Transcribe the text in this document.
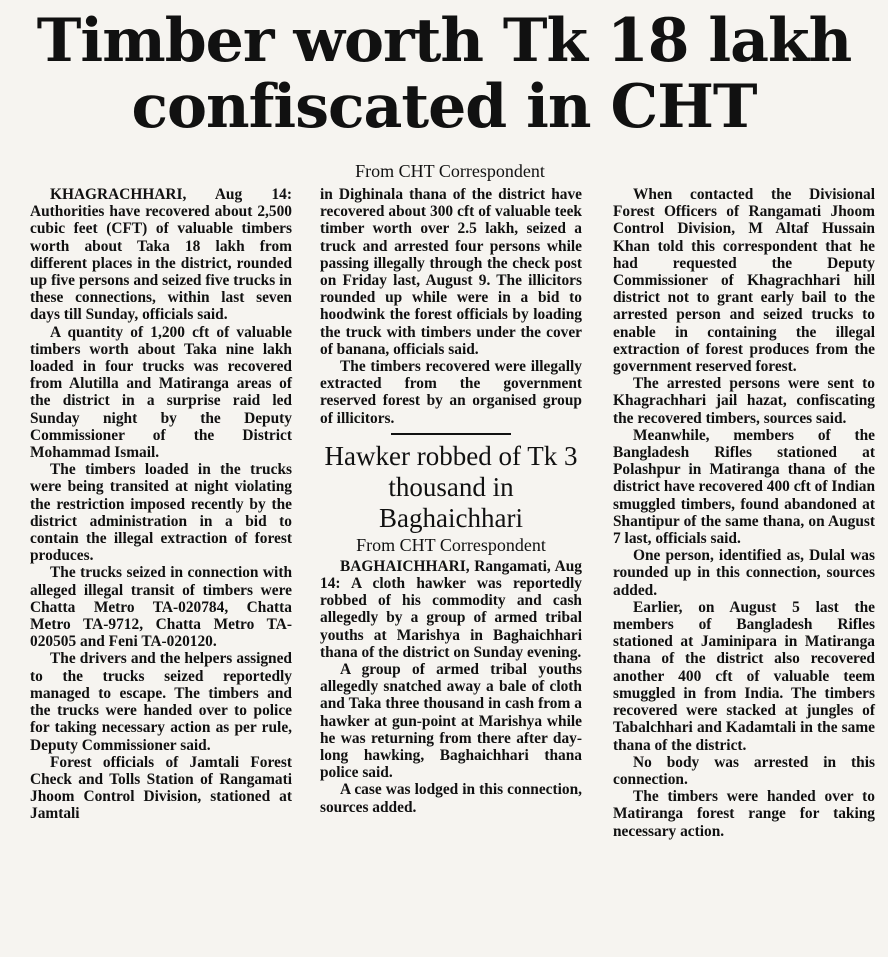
Timber worth Tk 18 lakh confiscated in CHT
From CHT Correspondent

KHAGRACHHARI, Aug 14: Authorities have recovered about 2,500 cubic feet (CFT) of valuable timbers worth about Taka 18 lakh from different places in the district, rounded up five persons and seized five trucks in these connections, within last seven days till Sunday, officials said.

A quantity of 1,200 cft of valuable timbers worth about Taka nine lakh loaded in four trucks was recovered from Alutilla and Matiranga areas of the district in a surprise raid led Sunday night by the Deputy Commissioner of the District Mohammad Ismail.

The timbers loaded in the trucks were being transited at night violating the restriction imposed recently by the district administration in a bid to contain the illegal extraction of forest produces.

The trucks seized in connection with alleged illegal transit of timbers were Chatta Metro TA-020784, Chatta Metro TA-9712, Chatta Metro TA-020505 and Feni TA-020120.

The drivers and the helpers assigned to the trucks seized reportedly managed to escape. The timbers and the trucks were handed over to police for taking necessary action as per rule, Deputy Commissioner said.

Forest officials of Jamtali Forest Check and Tolls Station of Rangamati Jhoom Control Division, stationed at Jamtali

in Dighinala thana of the district have recovered about 300 cft of valuable teek timber worth over 2.5 lakh, seized a truck and arrested four persons while passing illegally through the check post on Friday last, August 9. The illicitors rounded up while were in a bid to hoodwink the forest officials by loading the truck with timbers under the cover of banana, officials said.

The timbers recovered were illegally extracted from the government reserved forest by an organised group of illicitors.

Hawker robbed of Tk 3 thousand in Baghaichhari
From CHT Correspondent

BAGHAICHHARI, Rangamati, Aug 14: A cloth hawker was reportedly robbed of his commodity and cash allegedly by a group of armed tribal youths at Marishya in Baghaichhari thana of the district on Sunday evening.

A group of armed tribal youths allegedly snatched away a bale of cloth and Taka three thousand in cash from a hawker at gun-point at Marishya while he was returning from there after day-long hawking, Baghaichhari thana police said.

A case was lodged in this connection, sources added.

When contacted the Divisional Forest Officers of Rangamati Jhoom Control Division, M Altaf Hussain Khan told this correspondent that he had requested the Deputy Commissioner of Khagrachhari hill district not to grant early bail to the arrested person and seized trucks to enable in containing the illegal extraction of forest produces from the government reserved forest.

The arrested persons were sent to Khagrachhari jail hazat, confiscating the recovered timbers, sources said.

Meanwhile, members of the Bangladesh Rifles stationed at Polashpur in Matiranga thana of the district have recovered 400 cft of Indian smuggled timbers, found abandoned at Shantipur of the same thana, on August 7 last, officials said.

One person, identified as, Dulal was rounded up in this connection, sources added.

Earlier, on August 5 last the members of Bangladesh Rifles stationed at Jaminipara in Matiranga thana of the district also recovered another 400 cft of valuable teem smuggled in from India. The timbers recovered were stacked at jungles of Tabalchhari and Kadamtali in the same thana of the district.

No body was arrested in this connection.

The timbers were handed over to Matiranga forest range for taking necessary action.
